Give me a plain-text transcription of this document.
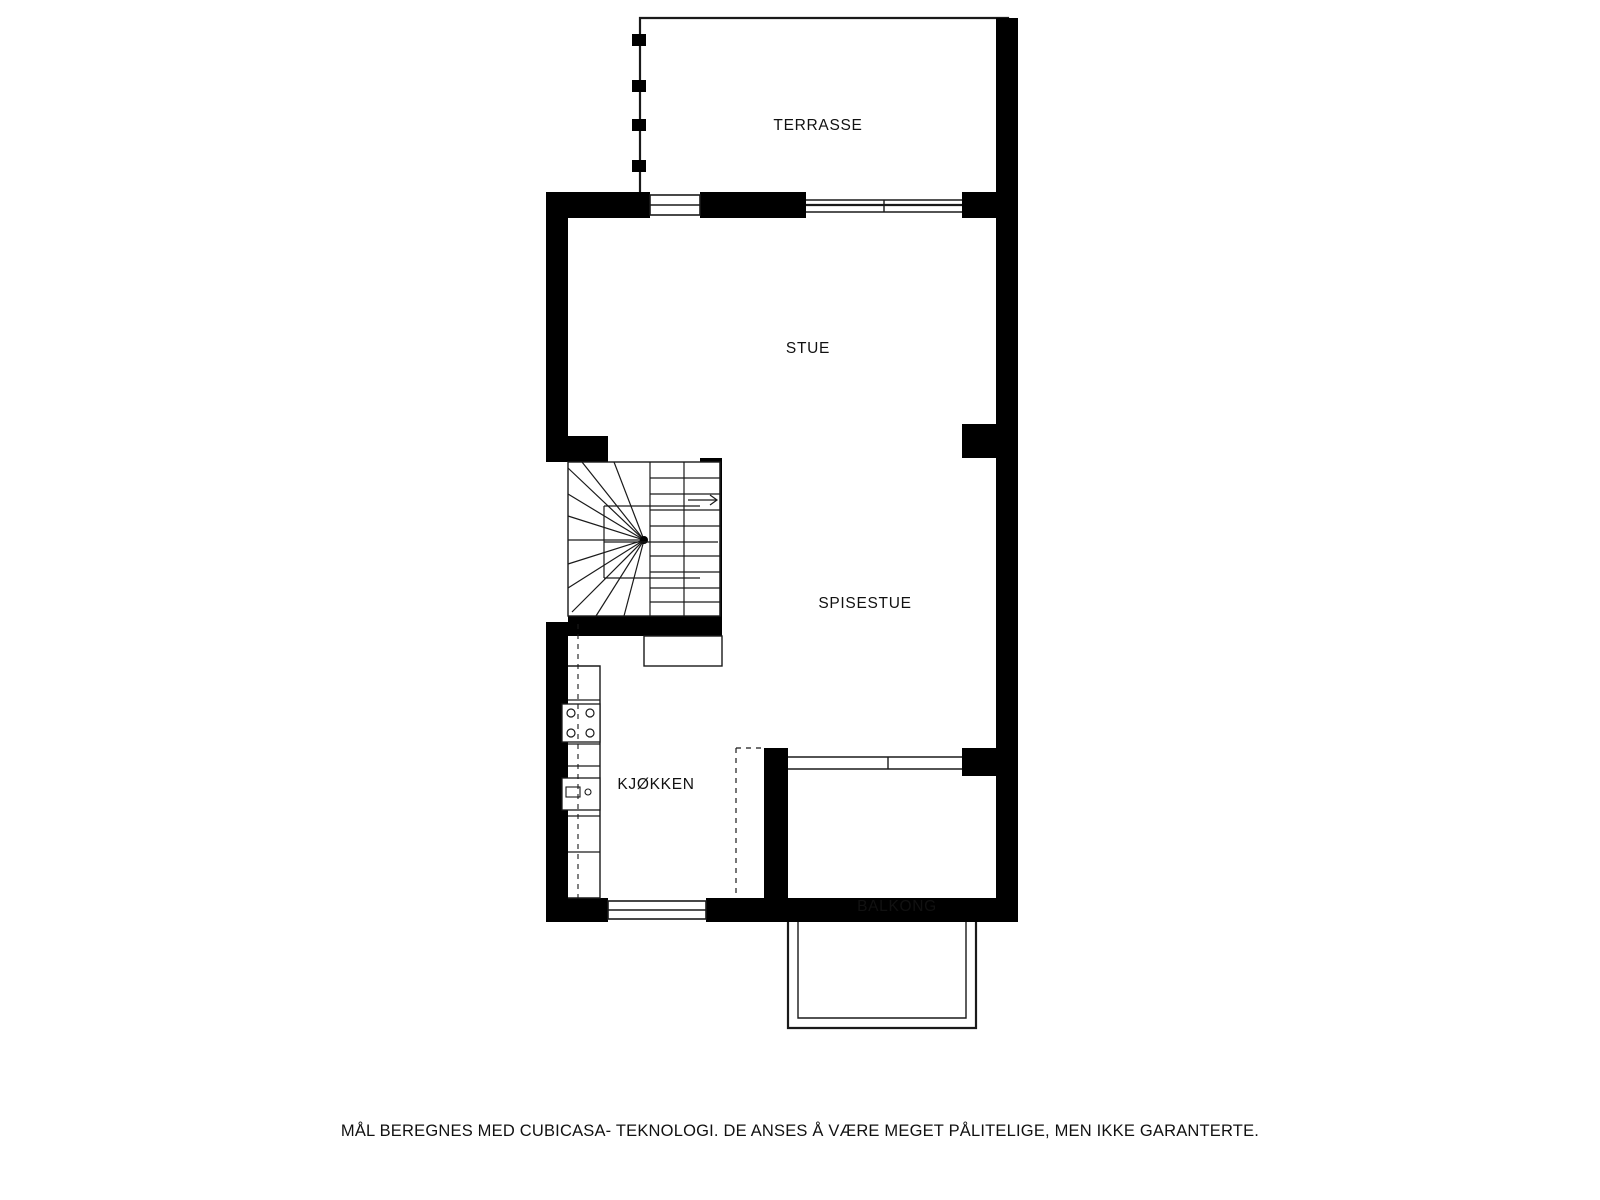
TERRASSE
STUE
SPISESTUE
KJØKKEN
BALKONG
MÅL BEREGNES MED CUBICASA- TEKNOLOGI. DE ANSES Å VÆRE MEGET PÅLITELIGE, MEN IKKE GARANTERTE.
